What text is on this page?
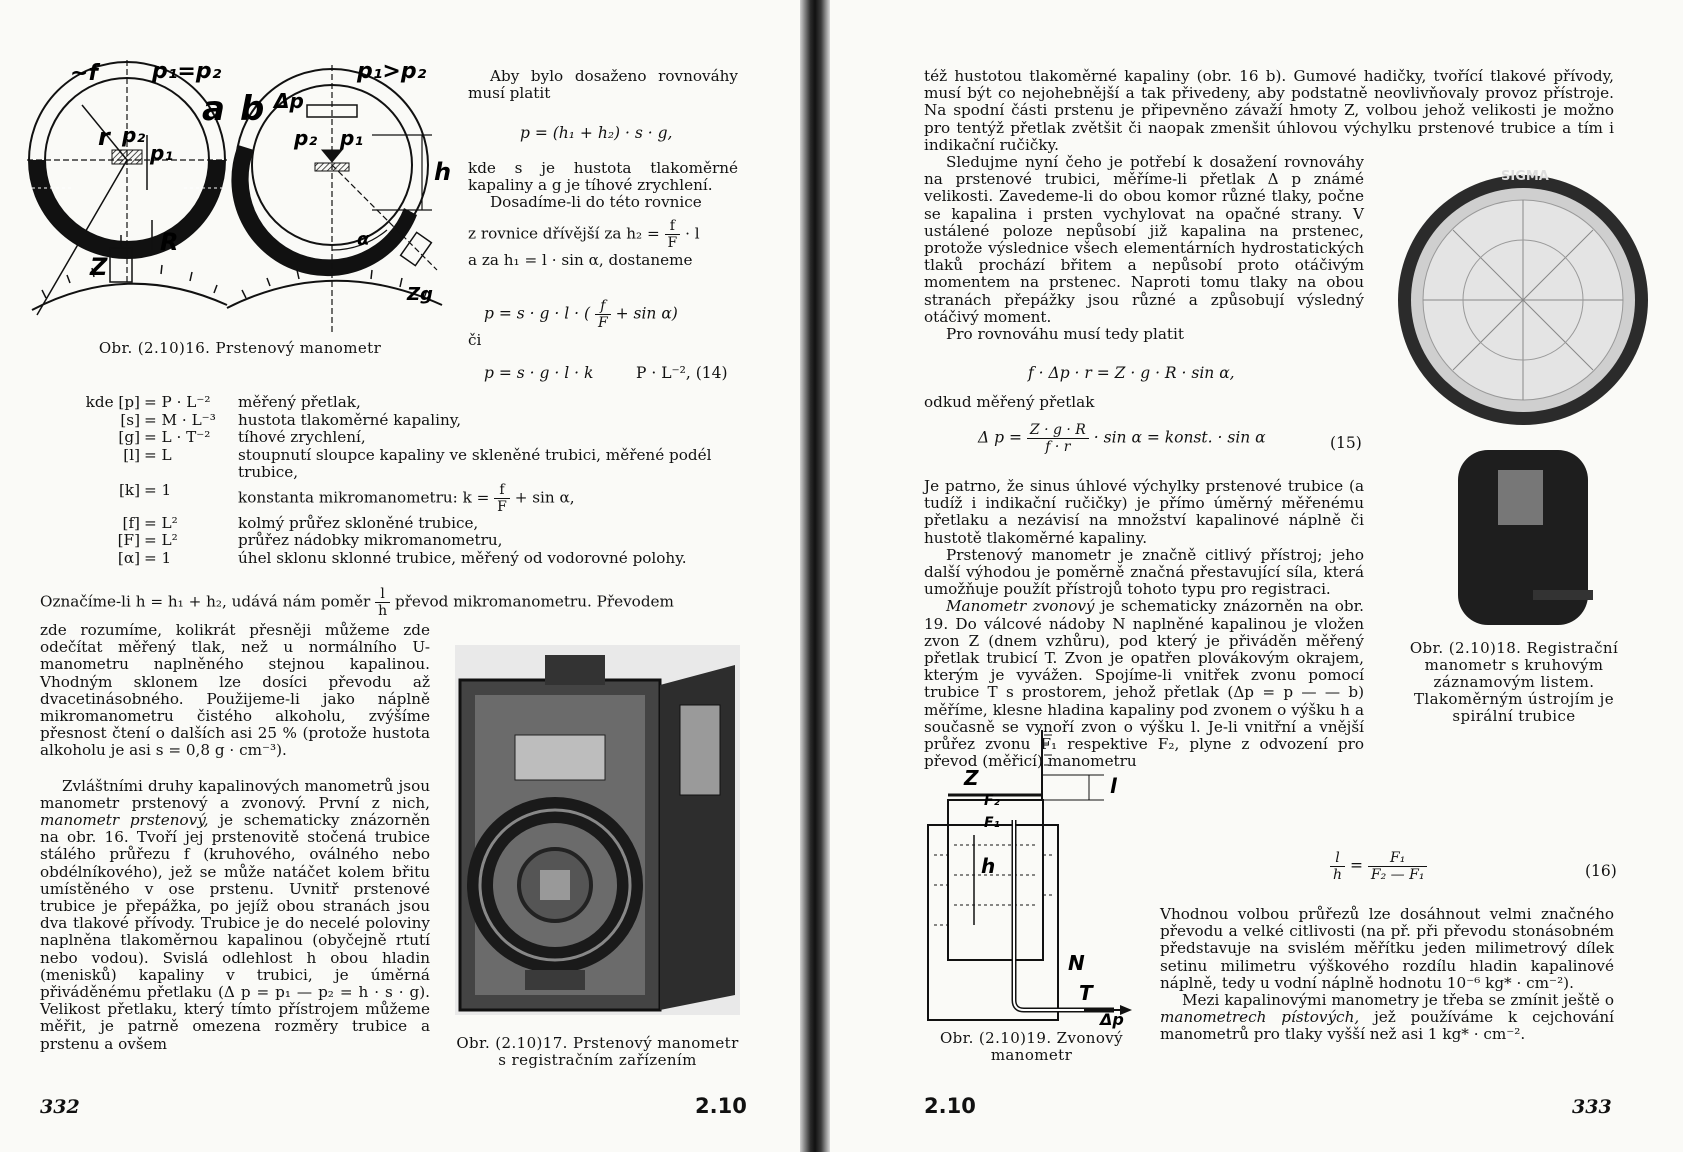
~f p₁=p₂
a b
p₁>p₂
Δp
r p₂
p₁
Z
R
h
p₂ p₁
α
Zg
Obr. (2.10)16. Prstenový manometr

Aby bylo dosaženo rovnováhy musí platit

p = (h₁ + h₂) · s · g,

kde s je hustota tlakoměrné kapaliny a g je tíhové zrychlení.

Dosadíme-li do této rovnice

z rovnice dřívější za $h_2 = \frac{f}{F} \cdot l$
a za h₁ = l · sin α, dostaneme
p = s · g · l · ( $\frac{f}{F} + \sin \alpha$)
či
p = s · g · l · k	P · L⁻², (14)
kde [p]	= P · L⁻²	měřený přetlak,
[s]	= M · L⁻³	hustota tlakoměrné kapaliny,
[g]	= L · T⁻²	tíhové zrychlení,
[l]	= L	stoupnutí sloupce kapaliny ve skleněné trubici, měřené podél trubice,
[k]	= 1	konstanta mikromanometru: $k = \frac{f}{F} + \sin \alpha$,
[f]	= L²	kolmý průřez skloněné trubice,
[F]	= L²	průřez nádobky mikromanometru,
[α]	= 1	úhel sklonu sklonné trubice, měřený od vodorovné polohy.
Označíme-li h = h₁ + h₂, udává nám poměr $\frac{l}{h}$ převod mikromanometru. Převodem

zde rozumíme, kolikrát přesněji můžeme zde odečítat měřený tlak, než u normálního U-manometru naplněného stejnou kapalinou. Vhodným sklonem lze dosíci převodu až dvacetinásobného. Použijeme-li jako náplně mikromanometru čistého alkoholu, zvýšíme přesnost čtení o dalších asi 25 % (protože hustota alkoholu je asi s = 0,8 g · cm⁻³).

Zvláštními druhy kapalinových manometrů jsou manometr prstenový a zvonový. První z nich, manometr prstenový, je schematicky znázorněn na obr. 16. Tvoří jej prstenovitě stočená trubice stálého průřezu f (kruhového, oválného nebo obdélníkového), jež se může natáčet kolem břitu umístěného v ose prstenu. Uvnitř prstenové trubice je přepážka, po jejíž obou stranách jsou dva tlakové přívody. Trubice je do necelé poloviny naplněna tlakoměrnou kapalinou (obyčejně rtutí nebo vodou). Svislá odlehlost h obou hladin (menisků) kapaliny v trubici, je úměrná přiváděnému přetlaku (Δ p = p₁ — p₂ = h · s · g). Velikost přetlaku, který tímto přístrojem můžeme měřit, je patrně omezena rozměry trubice a prstenu a ovšem	Obr. (2.10)17. Prstenový manometr s registračním zařízením
332	2.10

též hustotou tlakoměrné kapaliny (obr. 16 b). Gumové hadičky, tvořící tlakové přívody, musí být co nejohebnější a tak přivedeny, aby podstatně neovlivňovaly provoz přístroje. Na spodní části prstenu je připevněno závaží hmoty Z, volbou jehož velikosti je možno pro tentýž přetlak zvětšit či naopak zmenšit úhlovou výchylku prstenové trubice a tím i indikační ručičky.

Sledujme nyní čeho je potřebí k dosažení rovnováhy na prstenové trubici, měříme-li přetlak Δ p známé velikosti. Zavedeme-li do obou komor různé tlaky, počne se kapalina i prsten vychylovat na opačné strany. V ustálené poloze nepůsobí již kapalina na prstenec, protože výslednice všech elementárních hydrostatických tlaků prochází břitem a nepůsobí proto otáčivým momentem na prstenec. Naproti tomu tlaky na obou stranách přepážky jsou různé a způsobují výsledný otáčivý moment.

Pro rovnováhu musí tedy platit

f · Δp · r = Z · g · R · sin α,
odkud měřený přetlak
Δ $p = \frac{Z \cdot g \cdot R}{f \cdot r} \cdot \sin \alpha$ = konst. · sin α	(15)

Je patrno, že sinus úhlové výchylky prstenové trubice (a tudíž i indikační ručičky) je přímo úměrný měřenému přetlaku a nezávisí na množství kapalinové náplně či hustotě tlakoměrné kapaliny.

Prstenový manometr je značně citlivý přístroj; jeho další výhodou je poměrně značná přestavující síla, která umožňuje použít přístrojů tohoto typu pro registraci.

Manometr zvonový je schematicky znázorněn na obr. 19. Do válcové nádoby N naplněné kapalinou je vložen zvon Z (dnem vzhůru), pod který je přiváděn měřený přetlak trubicí T. Zvon je opatřen plovákovým okrajem, kterým je vyvážen. Spojíme-li vnitřek zvonu pomocí trubice T s prostorem, jehož přetlak (Δp = p — — b) měříme, klesne hladina kapaliny pod zvonem o výšku h a současně se vynoří zvon o výšku l. Je-li vnitřní a vnější průřez zvonu F₁ respektive F₂, plyne z odvození pro převod (měřicí) manometru

SIGMA
Obr. (2.10)18. Registrační manometr s kruhovým záznamovým listem. Tlakoměrným ústrojím je spirální trubice
Z
F₂
F₁
l
h
N
T
Δp
Obr. (2.10)19. Zvonový manometr
$\frac{l}{h} = \frac{\text{F₁}}{\text{F₂ — F₁}}$	(16)

Vhodnou volbou průřezů lze dosáhnout velmi značného převodu a velké citlivosti (na př. při převodu stonásobném představuje na svislém měřítku jeden milimetrový dílek setinu milimetru výškového rozdílu hladin kapalinové náplně, tedy u vodní náplně hodnotu 10⁻⁶ kg* · cm⁻²).

Mezi kapalinovými manometry je třeba se zmínit ještě o manometrech pístových, jež používáme k cejchování manometrů pro tlaky vyšší než asi 1 kg* · cm⁻².

2.10	333
